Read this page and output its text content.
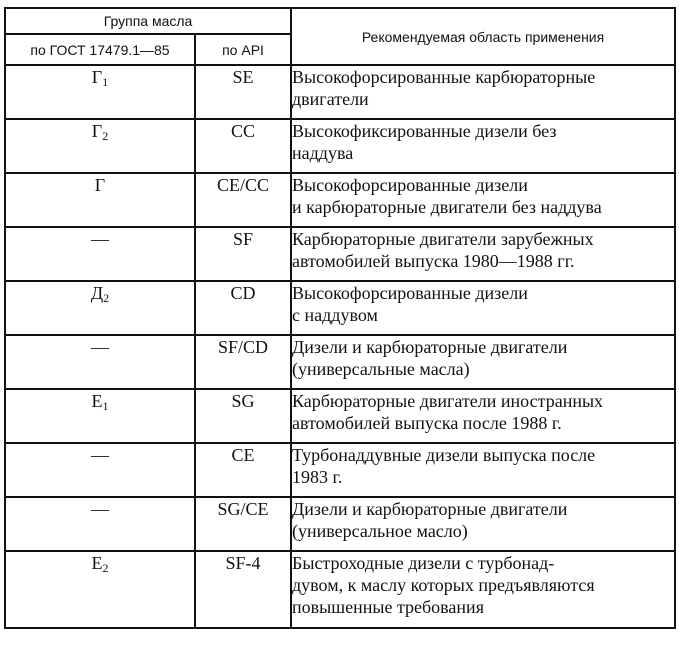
Группа масла		Рекомендуемая область применения
по ГОСТ 17479.1—85	по API	
$Г_1$	SE	Высокофорсированные карбюраторные
двигатели

$Г_2$	СС	Высокофиксированные дизели без
наддува

Г	CE/CC	Высокофорсированные дизели
и карбюраторные двигатели без наддува

—	SF	Карбюраторные двигатели зарубежных
автомобилей выпуска 1980—1988 гг.

$Д_2$	CD	Высокофорсированные дизели
с наддувом

—	SF/CD	Дизели и карбюраторные двигатели
(универсальные масла)

$Е_1$	SG	Карбюраторные двигатели иностранных
автомобилей выпуска после 1988 г.

—	CE	Турбонаддувные дизели выпуска после
1983 г.

—	SG/CE	Дизели и карбюраторные двигатели
(универсальное масло)

$Е_2$	SF-4	Быстроходные дизели с турбонад-
дувом, к маслу которых предъявляются
повышенные требования
